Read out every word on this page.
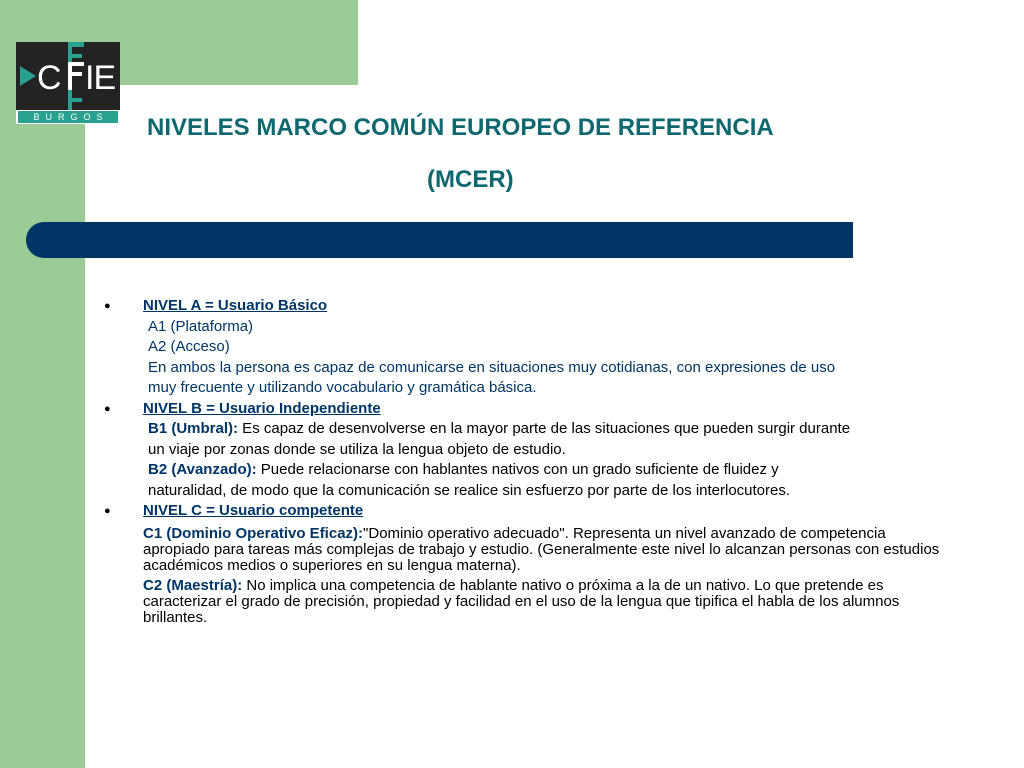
C IE
BURGOS	NIVELES MARCO COMÚN EUROPEO DE REFERENCIA
(MCER)
●	NIVEL A = Usuario Básico
A1 (Plataforma)
A2 (Acceso)
En ambos la persona es capaz de comunicarse en situaciones muy cotidianas, con expresiones de uso
muy frecuente y utilizando vocabulario y gramática básica.
●	NIVEL B = Usuario Independiente
B1 (Umbral): Es capaz de desenvolverse en la mayor parte de las situaciones que pueden surgir durante
un viaje por zonas donde se utiliza la lengua objeto de estudio.
B2 (Avanzado): Puede relacionarse con hablantes nativos con un grado suficiente de fluidez y
naturalidad, de modo que la comunicación se realice sin esfuerzo por parte de los interlocutores.
●	NIVEL C = Usuario competente
C1 (Dominio Operativo Eficaz):"Dominio operativo adecuado". Representa un nivel avanzado de competencia apropiado para tareas más complejas de trabajo y estudio. (Generalmente este nivel lo alcanzan personas con estudios académicos medios o superiores en su lengua materna).
C2 (Maestría): No implica una competencia de hablante nativo o próxima a la de un nativo. Lo que pretende es caracterizar el grado de precisión, propiedad y facilidad en el uso de la lengua que tipifica el habla de los alumnos brillantes.
